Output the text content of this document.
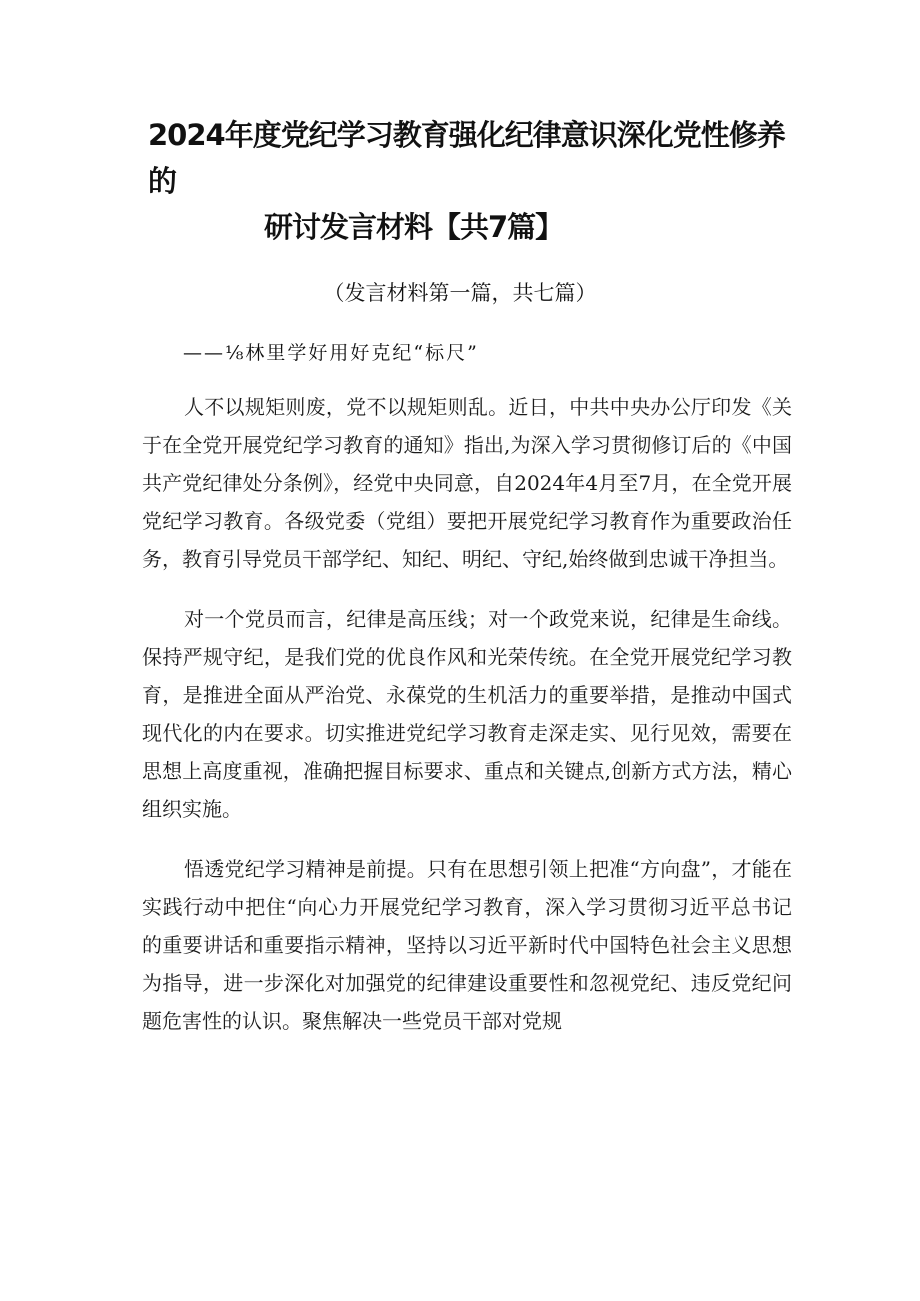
2024年度党纪学习教育强化纪律意识深化党性修养的
研讨发言材料【共7篇】
（发言材料第一篇，共七篇）
——⅛林里学好用好克纪“标尺”

人不以规矩则废，党不以规矩则乱。近日，中共中央办公厅印发《关于在全党开展党纪学习教育的通知》指出,为深入学习贯彻修订后的《中国共产党纪律处分条例》，经党中央同意，自2024年4月至7月，在全党开展党纪学习教育。各级党委（党组）要把开展党纪学习教育作为重要政治任务，教育引导党员干部学纪、知纪、明纪、守纪,始终做到忠诚干净担当。

对一个党员而言，纪律是高压线；对一个政党来说，纪律是生命线。保持严规守纪，是我们党的优良作风和光荣传统。在全党开展党纪学习教育，是推进全面从严治党、永葆党的生机活力的重要举措，是推动中国式现代化的内在要求。切实推进党纪学习教育走深走实、见行见效，需要在思想上高度重视，准确把握目标要求、重点和关键点,创新方式方法，精心组织实施。

悟透党纪学习精神是前提。只有在思想引领上把准“方向盘”，才能在实践行动中把住“向心力开展党纪学习教育，深入学习贯彻习近平总书记的重要讲话和重要指示精神，坚持以习近平新时代中国特色社会主义思想为指导，进一步深化对加强党的纪律建设重要性和忽视党纪、违反党纪问题危害性的认识。聚焦解决一些党员干部对党规
